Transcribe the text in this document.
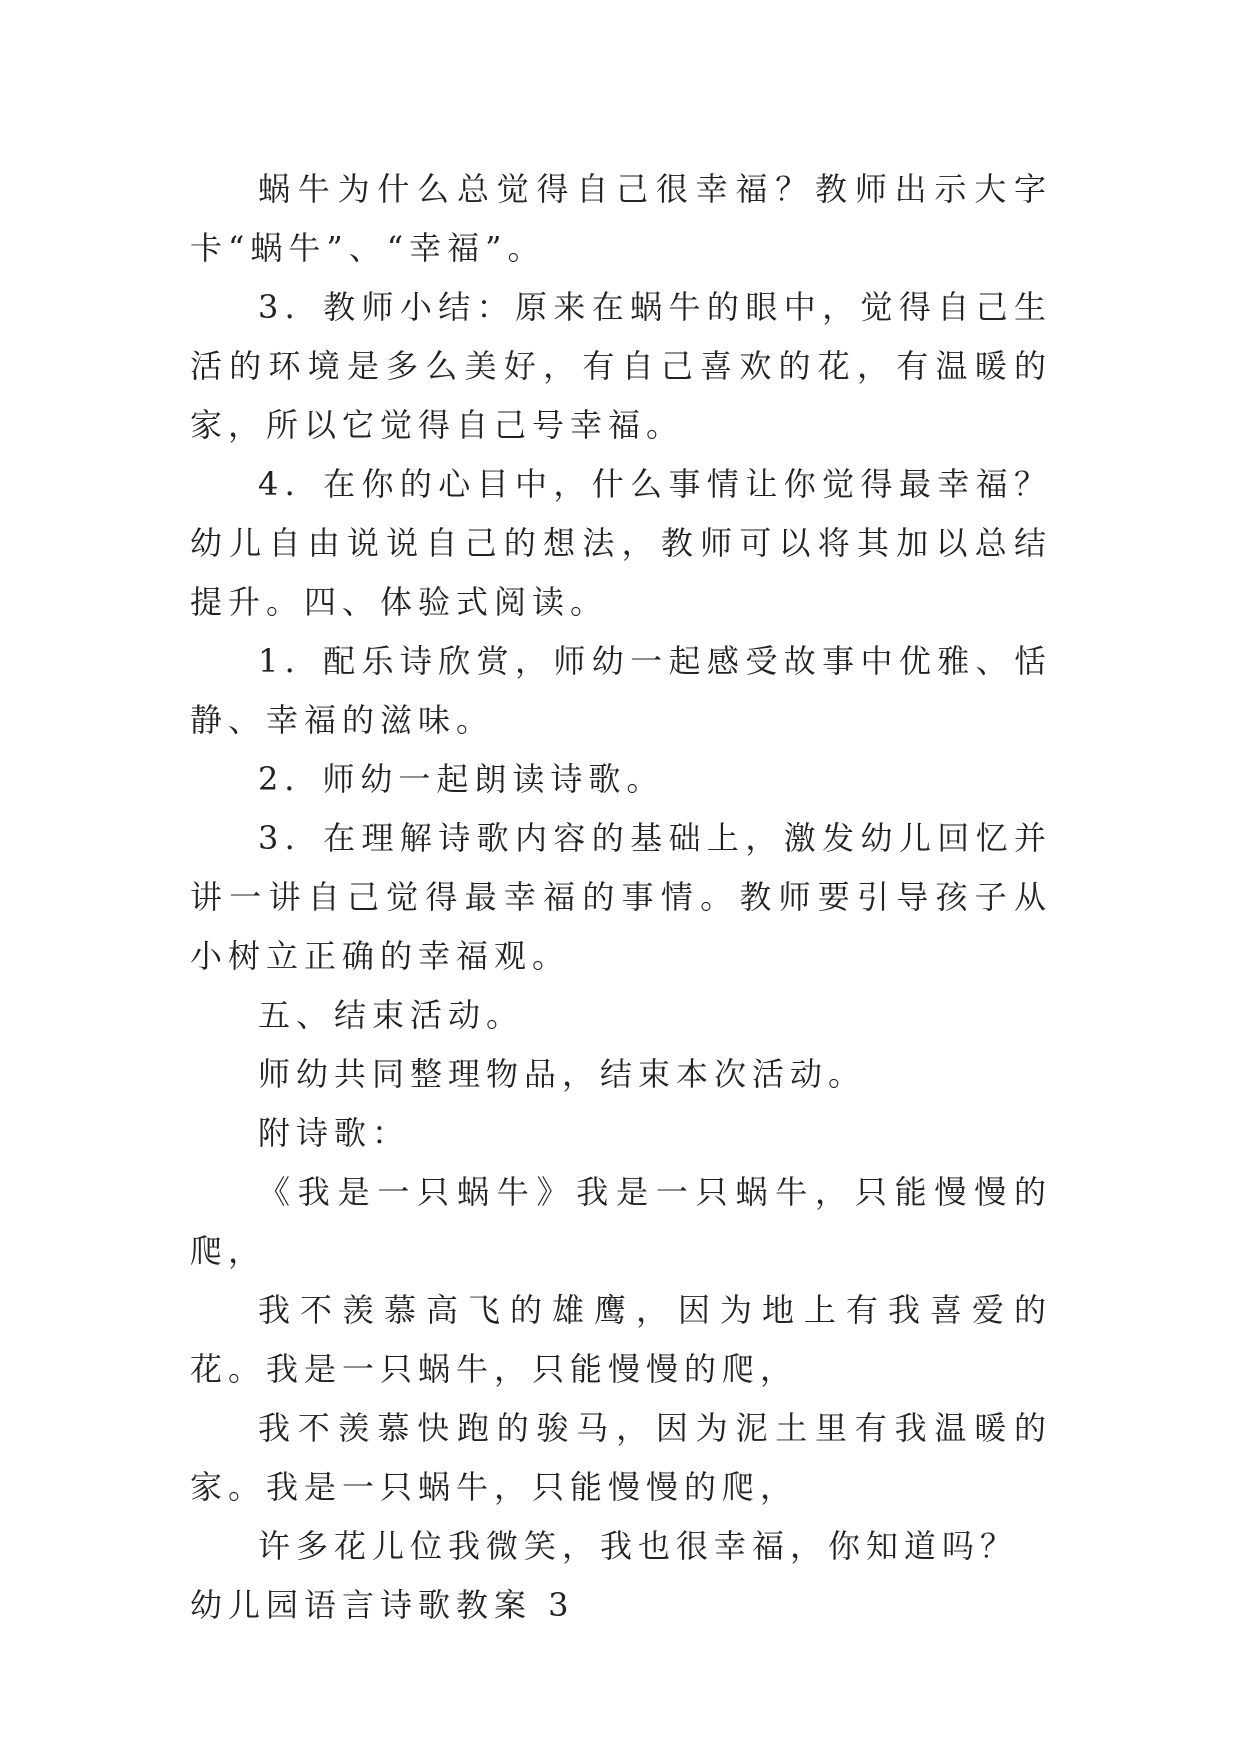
蜗牛为什么总觉得自己很幸福？教师出示大字卡“蜗牛”、“幸福”。

3．教师小结：原来在蜗牛的眼中，觉得自己生活的环境是多么美好，有自己喜欢的花，有温暖的家，所以它觉得自己号幸福。

4．在你的心目中，什么事情让你觉得最幸福？幼儿自由说说自己的想法，教师可以将其加以总结提升。四、体验式阅读。

1．配乐诗欣赏，师幼一起感受故事中优雅、恬静、幸福的滋味。

2．师幼一起朗读诗歌。

3．在理解诗歌内容的基础上，激发幼儿回忆并讲一讲自己觉得最幸福的事情。教师要引导孩子从小树立正确的幸福观。

五、结束活动。

师幼共同整理物品，结束本次活动。

附诗歌：

《我是一只蜗牛》我是一只蜗牛，只能慢慢的爬，

我不羡慕高飞的雄鹰，因为地上有我喜爱的花。我是一只蜗牛，只能慢慢的爬，

我不羡慕快跑的骏马，因为泥土里有我温暖的家。我是一只蜗牛，只能慢慢的爬，

许多花儿位我微笑，我也很幸福，你知道吗？

幼儿园语言诗歌教案 3
